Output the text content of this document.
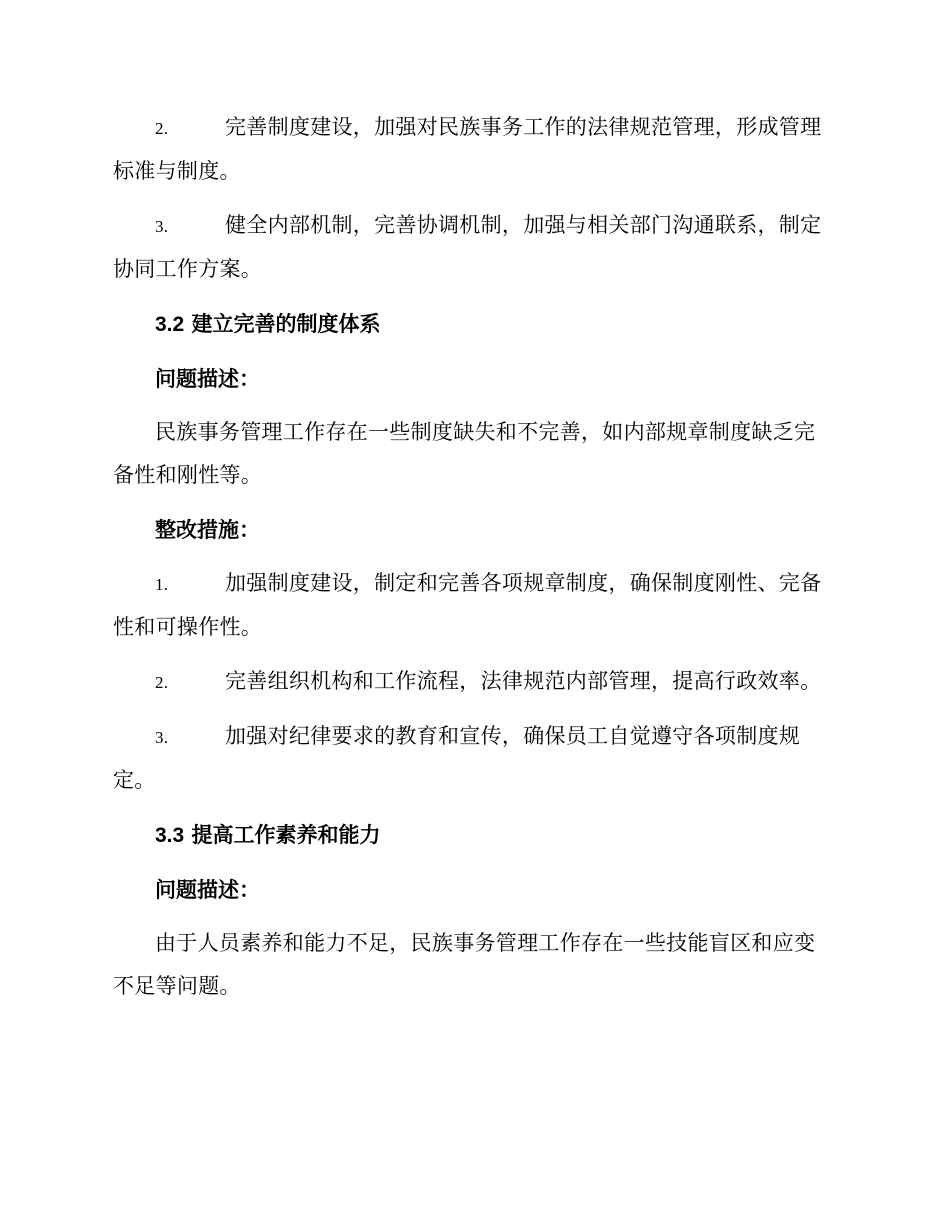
2.	完善制度建设，加强对民族事务工作的法律规范管理，形成管理标准与制度。

3.	健全内部机制，完善协调机制，加强与相关部门沟通联系，制定协同工作方案。

3.2 建立完善的制度体系
问题描述：

民族事务管理工作存在一些制度缺失和不完善，如内部规章制度缺乏完备性和刚性等。

整改措施：

1.	加强制度建设，制定和完善各项规章制度，确保制度刚性、完备性和可操作性。

2.	完善组织机构和工作流程，法律规范内部管理，提高行政效率。

3.	加强对纪律要求的教育和宣传，确保员工自觉遵守各项制度规定。

3.3 提高工作素养和能力
问题描述：

由于人员素养和能力不足，民族事务管理工作存在一些技能盲区和应变不足等问题。
